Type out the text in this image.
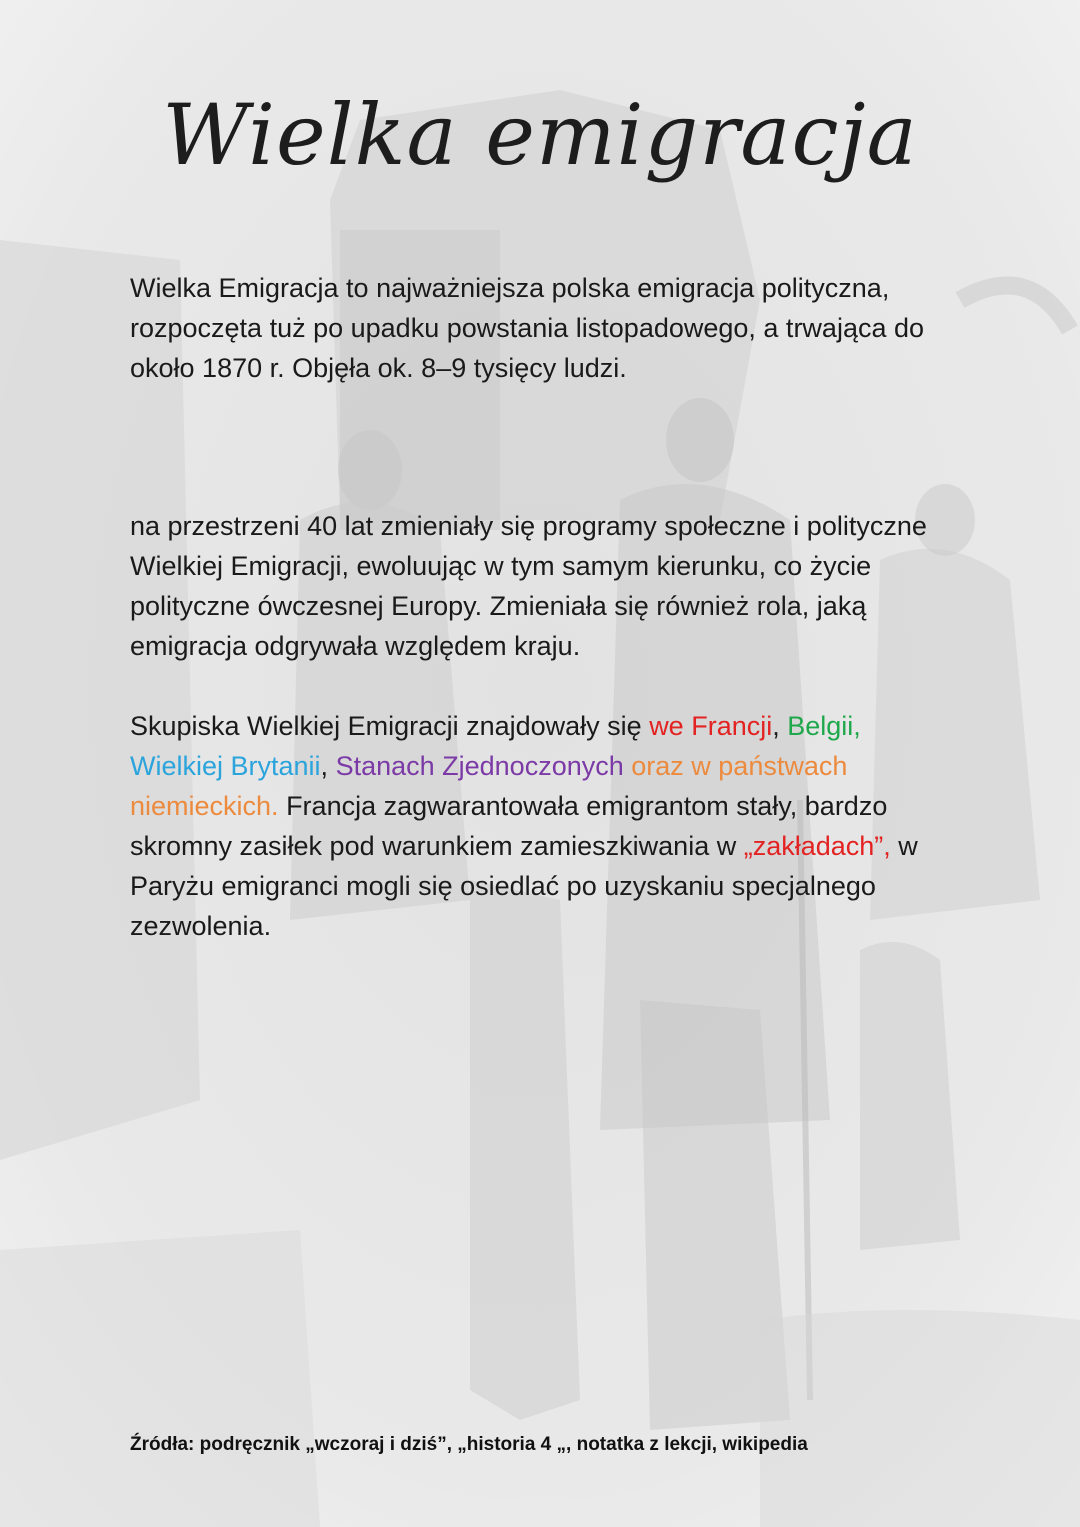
Wielka emigracja
Wielka Emigracja to najważniejsza polska emigracja polityczna, rozpoczęta tuż po upadku powstania listopadowego, a trwająca do około 1870 r. Objęła ok. 8–9 tysięcy ludzi.
na przestrzeni 40 lat zmieniały się programy społeczne i polityczne Wielkiej Emigracji, ewoluując w tym samym kierunku, co życie polityczne ówczesnej Europy. Zmieniała się również rola, jaką emigracja odgrywała względem kraju.
Skupiska Wielkiej Emigracji znajdowały się we Francji, Belgii, Wielkiej Brytanii, Stanach Zjednoczonych oraz w państwach niemieckich. Francja zagwarantowała emigrantom stały, bardzo skromny zasiłek pod warunkiem zamieszkiwania w „zakładach”, w Paryżu emigranci mogli się osiedlać po uzyskaniu specjalnego zezwolenia.
Źródła: podręcznik „wczoraj i dziś”, „historia 4 „, notatka z lekcji, wikipedia
